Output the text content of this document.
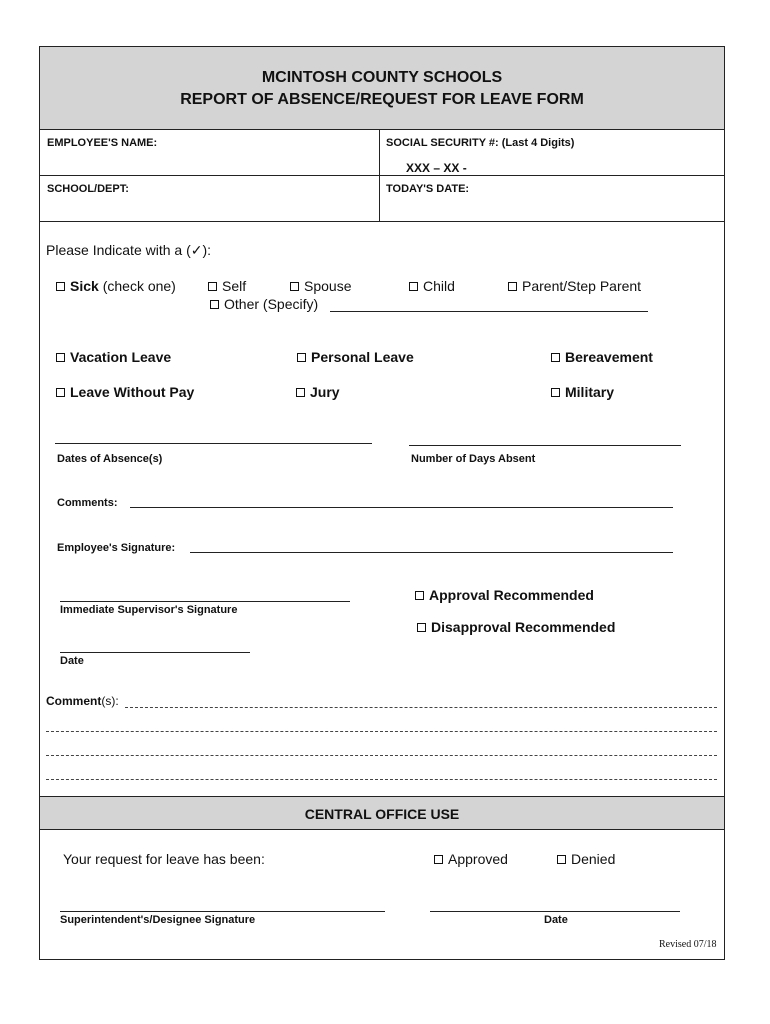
MCINTOSH COUNTY SCHOOLS
REPORT OF ABSENCE/REQUEST FOR LEAVE FORM
EMPLOYEE'S NAME:	SOCIAL SECURITY #: (Last 4 Digits)
XXX – XX -
SCHOOL/DEPT:	TODAY'S DATE:
Please Indicate with a (✓):
Sick (check one)	Self	Spouse	Child	Parent/Step Parent
Other (Specify)
Vacation Leave	Personal Leave	Bereavement
Leave Without Pay	Jury	Military
Dates of Absence(s)	Number of Days Absent
Comments:
Employee's Signature:
Immediate Supervisor's Signature
Date
Approval Recommended
Disapproval Recommended
Comment(s):
CENTRAL OFFICE USE
Your request for leave has been:	Approved	Denied
Superintendent's/Designee Signature	Date
Revised 07/18
